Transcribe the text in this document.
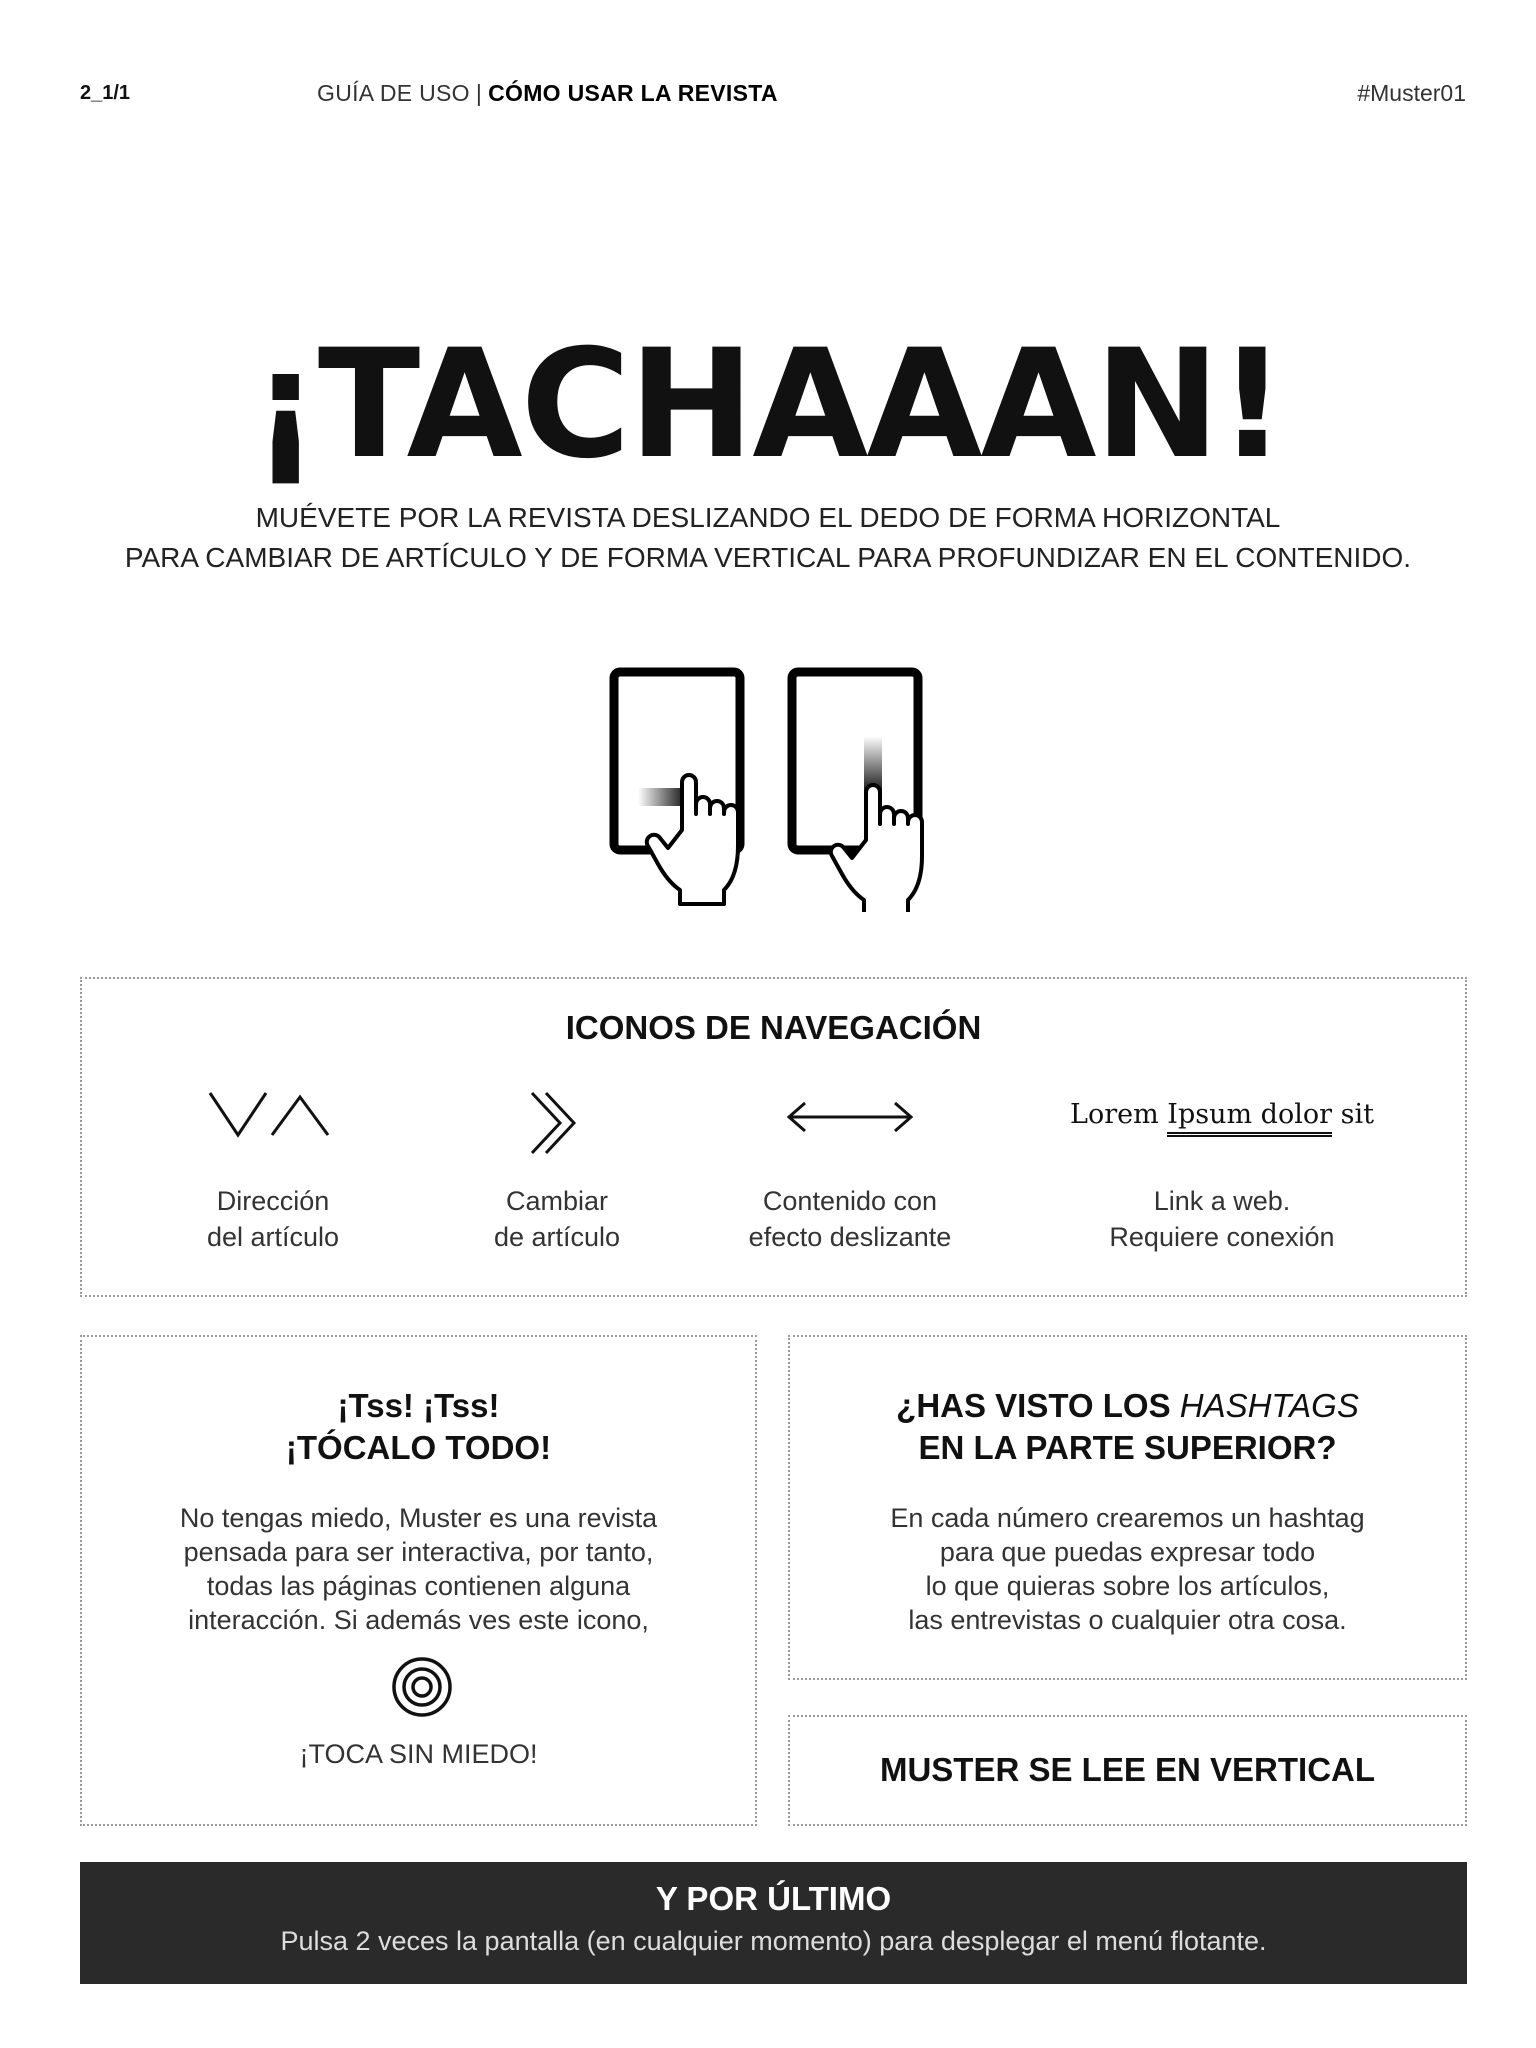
2_1/1	GUÍA DE USO | CÓMO USAR LA REVISTA	#Muster01
¡TACHAAAN!
MUÉVETE POR LA REVISTA DESLIZANDO EL DEDO DE FORMA HORIZONTAL
PARA CAMBIAR DE ARTÍCULO Y DE FORMA VERTICAL PARA PROFUNDIZAR EN EL CONTENIDO.
ICONOS DE NAVEGACIÓN
Dirección
del artículo
Cambiar
de artículo
Contenido con
efecto deslizante
Lorem Ipsum dolor sit
Link a web.
Requiere conexión
¡Tss! ¡Tss!
¡TÓCALO TODO!
No tengas miedo, Muster es una revista
pensada para ser interactiva, por tanto,
todas las páginas contienen alguna
interacción. Si además ves este icono,
¡TOCA SIN MIEDO!
¿HAS VISTO LOS HASHTAGS
EN LA PARTE SUPERIOR?
En cada número crearemos un hashtag
para que puedas expresar todo
lo que quieras sobre los artículos,
las entrevistas o cualquier otra cosa.
MUSTER SE LEE EN VERTICAL
Y POR ÚLTIMO
Pulsa 2 veces la pantalla (en cualquier momento) para desplegar el menú flotante.
